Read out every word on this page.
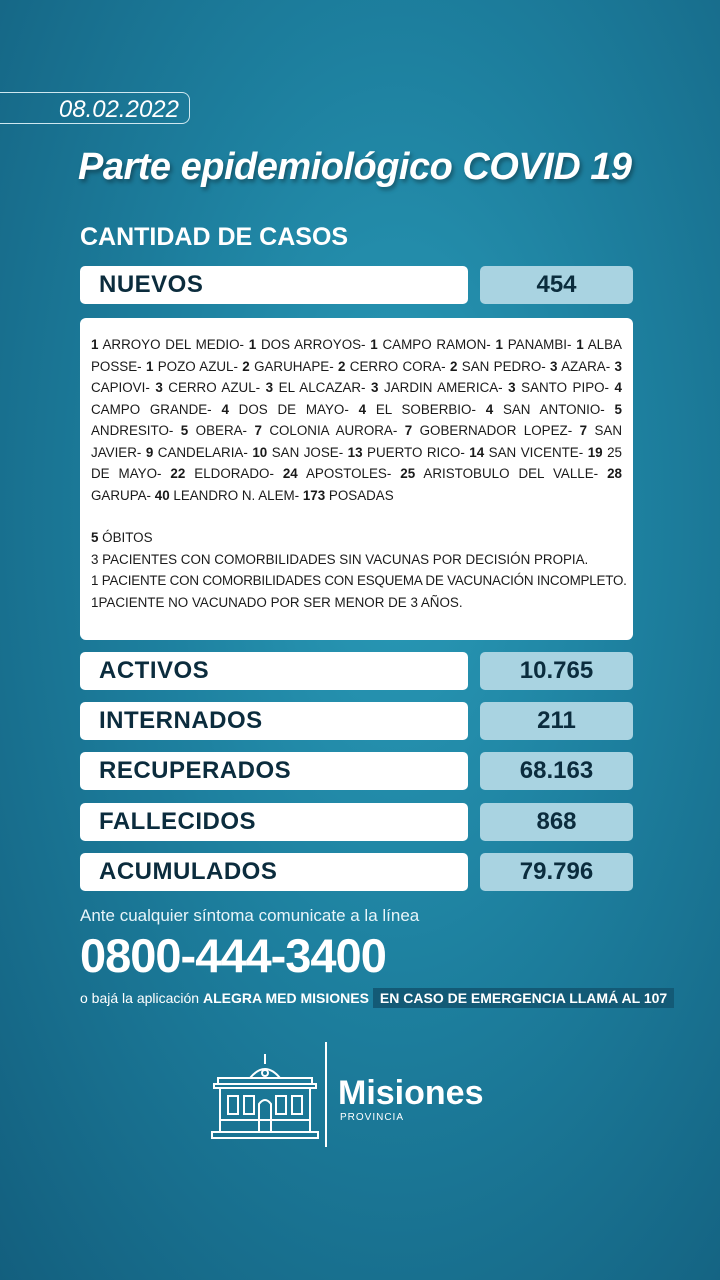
08.02.2022
Parte epidemiológico COVID 19
CANTIDAD DE CASOS
NUEVOS	454

1 ARROYO DEL MEDIO- 1 DOS ARROYOS- 1 CAMPO RAMON- 1 PANAMBI- 1 ALBA POSSE- 1 POZO AZUL- 2 GARUHAPE- 2 CERRO CORA- 2 SAN PEDRO- 3 AZARA- 3 CAPIOVI- 3 CERRO AZUL- 3 EL ALCAZAR- 3 JARDIN AMERICA- 3 SANTO PIPO- 4 CAMPO GRANDE- 4 DOS DE MAYO- 4 EL SOBERBIO- 4 SAN ANTONIO- 5 ANDRESITO- 5 OBERA- 7 COLONIA AURORA- 7 GOBERNADOR LOPEZ- 7 SAN JAVIER- 9 CANDELARIA- 10 SAN JOSE- 13 PUERTO RICO- 14 SAN VICENTE- 19 25 DE MAYO- 22 ELDORADO- 24 APOSTOLES- 25 ARISTOBULO DEL VALLE- 28 GARUPA- 40 LEANDRO N. ALEM- 173 POSADAS

5 ÓBITOS

3 PACIENTES CON COMORBILIDADES SIN VACUNAS POR DECISIÓN PROPIA.

1 PACIENTE CON COMORBILIDADES CON ESQUEMA DE VACUNACIÓN INCOMPLETO.

1PACIENTE NO VACUNADO POR SER MENOR DE 3 AÑOS.

ACTIVOS	10.765
INTERNADOS	211
RECUPERADOS	68.163
FALLECIDOS	868
ACUMULADOS	79.796
Ante cualquier síntoma comunicate a la línea
0800-444-3400
o bajá la aplicación ALEGRA MED MISIONES EN CASO DE EMERGENCIA LLAMÁ AL 107
Misiones
PROVINCIA
